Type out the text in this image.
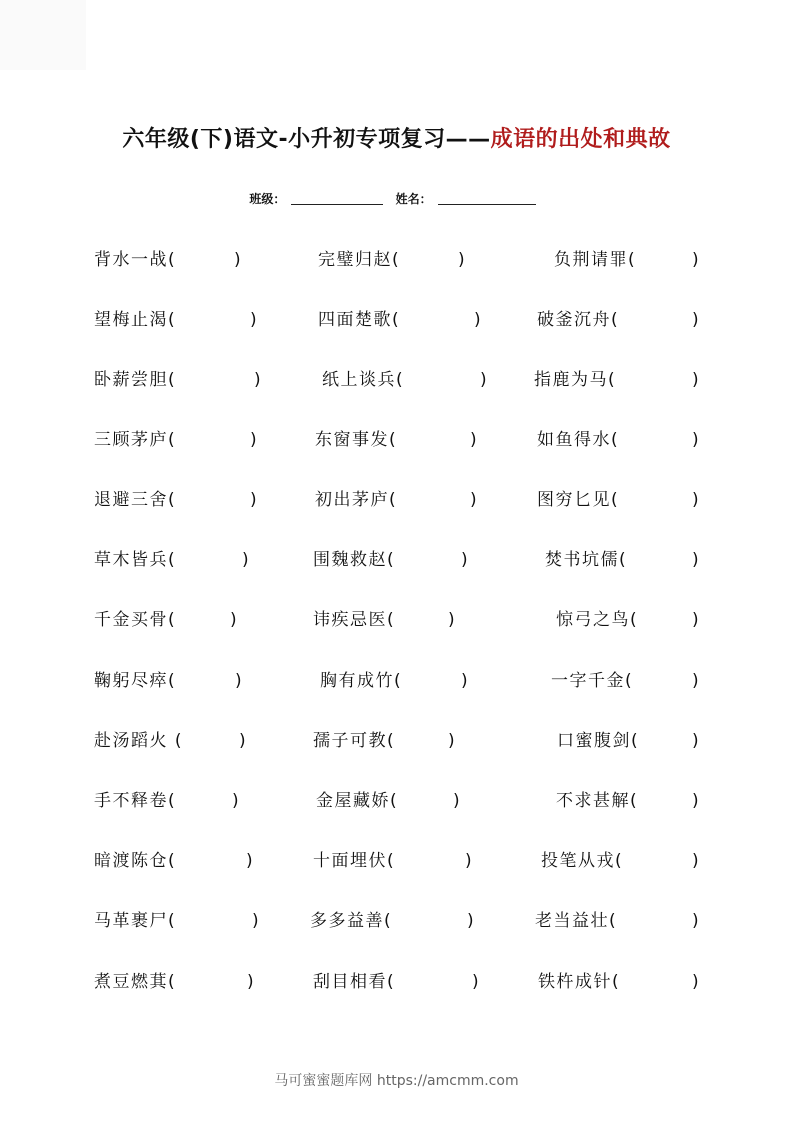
六年级(下)语文-小升初专项复习——成语的出处和典故
班级：	姓名：
背水一战(	)	完璧归赵(	)	负荆请罪(	)
望梅止渴(	)	四面楚歌(	)	破釜沉舟(	)
卧薪尝胆(	)	纸上谈兵(	)	指鹿为马(	)
三顾茅庐(	)	东窗事发(	)	如鱼得水(	)
退避三舍(	)	初出茅庐(	)	图穷匕见(	)
草木皆兵(	)	围魏救赵(	)	焚书坑儒(	)
千金买骨(	)	讳疾忌医(	)	惊弓之鸟(	)
鞠躬尽瘁(	)	胸有成竹(	)	一字千金(	)
赴汤蹈火 (	)	孺子可教(	)	口蜜腹剑(	)
手不释卷(	)	金屋藏娇(	)	不求甚解(	)
暗渡陈仓(	)	十面埋伏(	)	投笔从戎(	)
马革裹尸(	)	多多益善(	)	老当益壮(	)
煮豆燃萁(	)	刮目相看(	)	铁杵成针(	)
马可蜜蜜题库网 https://amcmm.com
